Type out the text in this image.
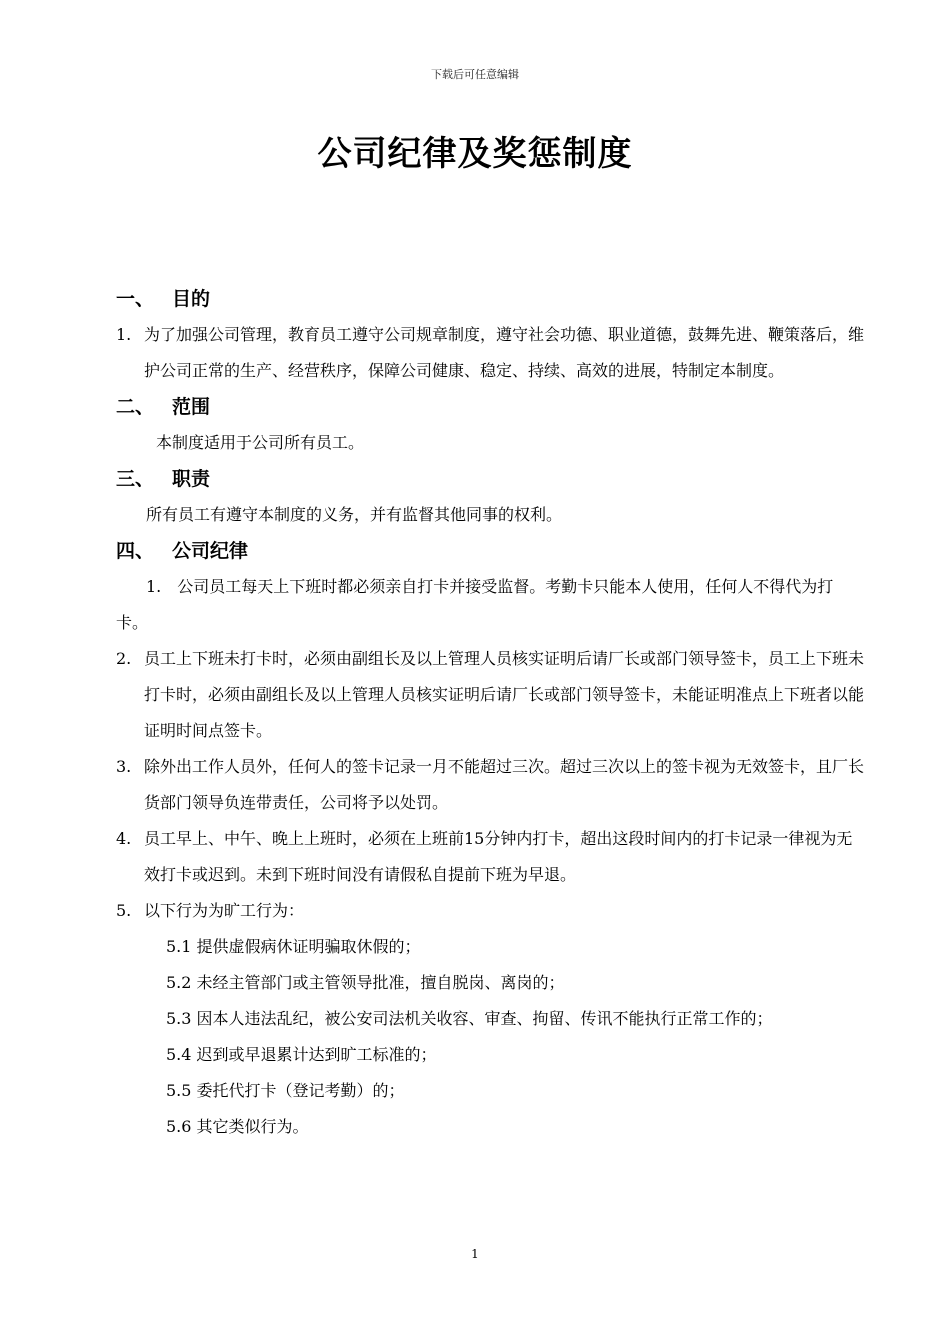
下载后可任意编辑
公司纪律及奖惩制度
一、 目的
1. 为了加强公司管理，教育员工遵守公司规章制度，遵守社会功德、职业道德，鼓舞先进、鞭策落后，维护公司正常的生产、经营秩序，保障公司健康、稳定、持续、高效的进展，特制定本制度。
二、 范围
本制度适用于公司所有员工。
三、 职责
所有员工有遵守本制度的义务，并有监督其他同事的权利。
四、 公司纪律
1.　公司员工每天上下班时都必须亲自打卡并接受监督。考勤卡只能本人使用，任何人不得代为打卡。
2. 员工上下班未打卡时，必须由副组长及以上管理人员核实证明后请厂长或部门领导签卡，员工上下班未打卡时，必须由副组长及以上管理人员核实证明后请厂长或部门领导签卡，未能证明准点上下班者以能证明时间点签卡。
3. 除外出工作人员外，任何人的签卡记录一月不能超过三次。超过三次以上的签卡视为无效签卡，且厂长货部门领导负连带责任，公司将予以处罚。
4. 员工早上、中午、晚上上班时，必须在上班前15分钟内打卡，超出这段时间内的打卡记录一律视为无效打卡或迟到。未到下班时间没有请假私自提前下班为早退。
5. 以下行为为旷工行为：
5.1 提供虚假病休证明骗取休假的；
5.2 未经主管部门或主管领导批准，擅自脱岗、离岗的；
5.3 因本人违法乱纪，被公安司法机关收容、审查、拘留、传讯不能执行正常工作的；
5.4 迟到或早退累计达到旷工标准的；
5.5 委托代打卡（登记考勤）的；
5.6 其它类似行为。
1
